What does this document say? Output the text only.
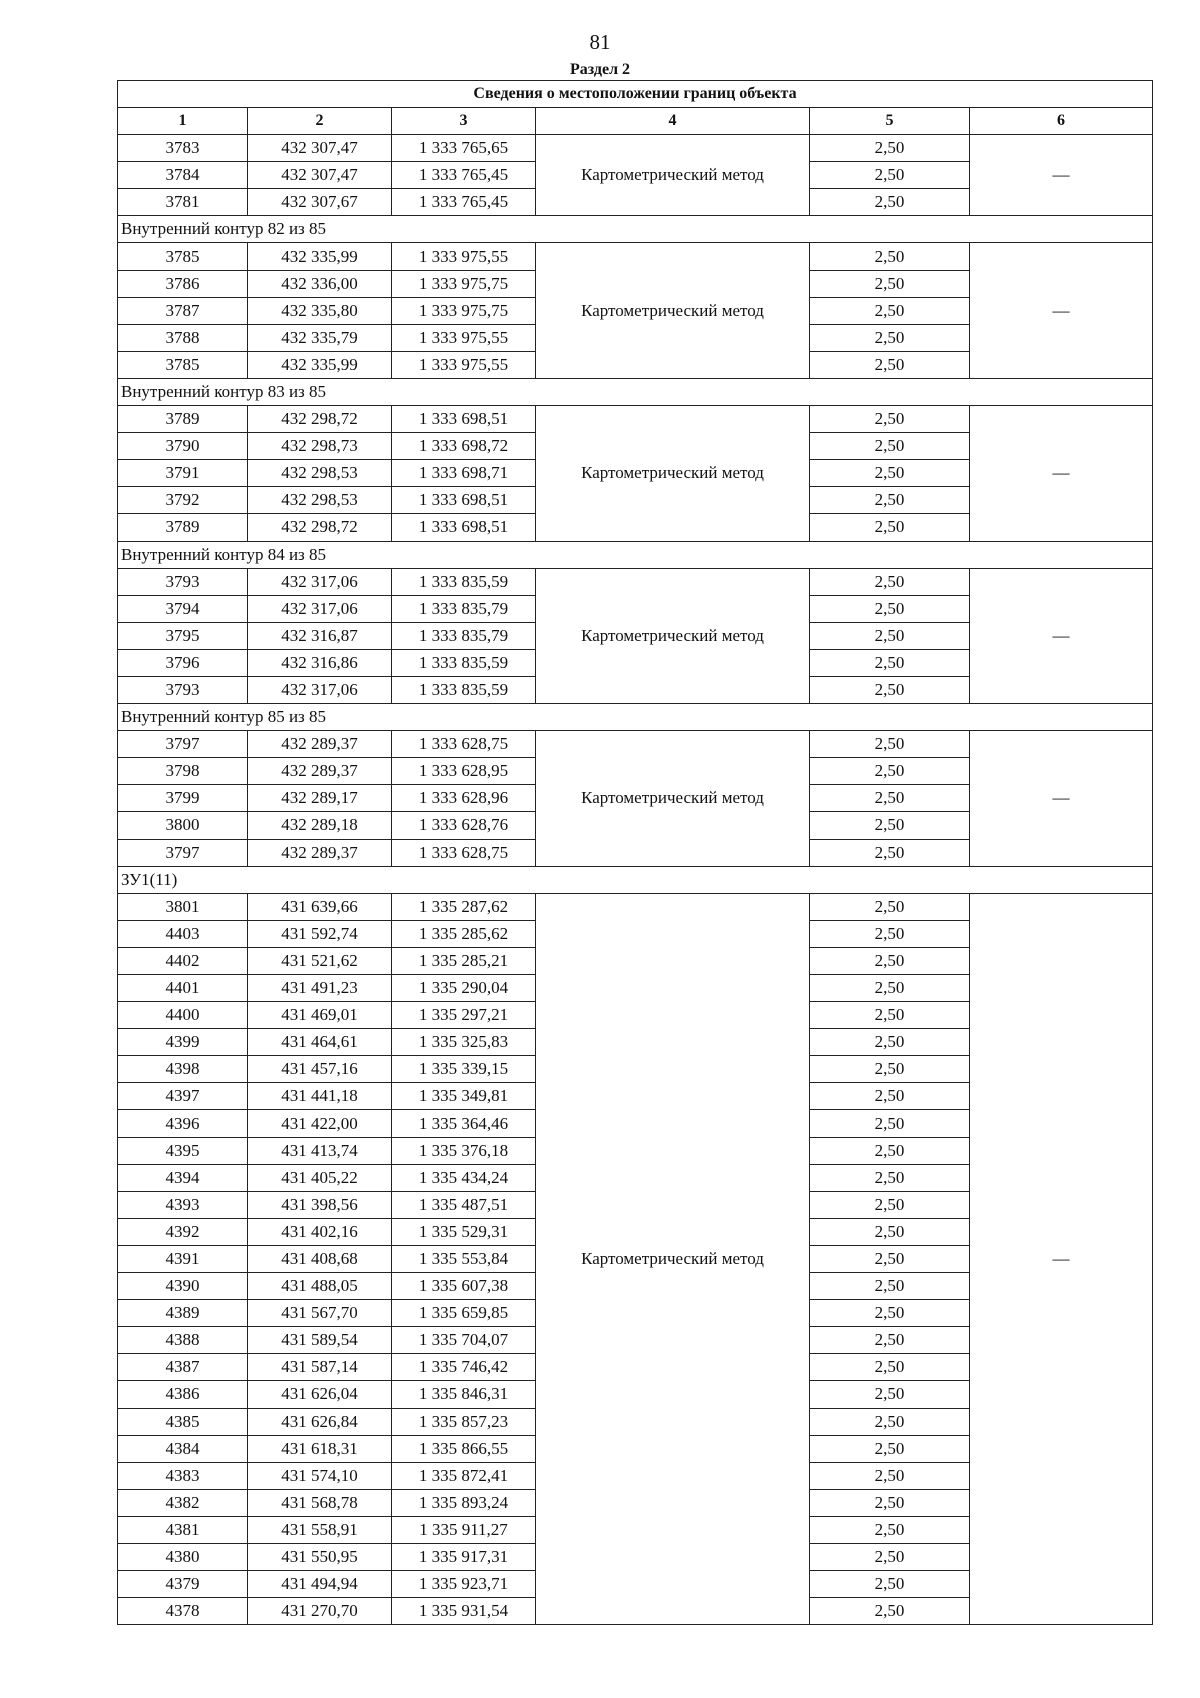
81
Раздел 2
Сведения о местоположении границ объекта					
1	2	3	4	5	6
3783	432 307,47	1 333 765,65	Картометрический метод	2,50	—
3784	432 307,47	1 333 765,45		2,50	
3781	432 307,67	1 333 765,45		2,50	
Внутренний контур 82 из 85					
3785	432 335,99	1 333 975,55	Картометрический метод	2,50	—
3786	432 336,00	1 333 975,75		2,50	
3787	432 335,80	1 333 975,75		2,50	
3788	432 335,79	1 333 975,55		2,50	
3785	432 335,99	1 333 975,55		2,50	
Внутренний контур 83 из 85					
3789	432 298,72	1 333 698,51	Картометрический метод	2,50	—
3790	432 298,73	1 333 698,72		2,50	
3791	432 298,53	1 333 698,71		2,50	
3792	432 298,53	1 333 698,51		2,50	
3789	432 298,72	1 333 698,51		2,50	
Внутренний контур 84 из 85					
3793	432 317,06	1 333 835,59	Картометрический метод	2,50	—
3794	432 317,06	1 333 835,79		2,50	
3795	432 316,87	1 333 835,79		2,50	
3796	432 316,86	1 333 835,59		2,50	
3793	432 317,06	1 333 835,59		2,50	
Внутренний контур 85 из 85					
3797	432 289,37	1 333 628,75	Картометрический метод	2,50	—
3798	432 289,37	1 333 628,95		2,50	
3799	432 289,17	1 333 628,96		2,50	
3800	432 289,18	1 333 628,76		2,50	
3797	432 289,37	1 333 628,75		2,50	
ЗУ1(11)					
3801	431 639,66	1 335 287,62	Картометрический метод	2,50	—
4403	431 592,74	1 335 285,62		2,50	
4402	431 521,62	1 335 285,21		2,50	
4401	431 491,23	1 335 290,04		2,50	
4400	431 469,01	1 335 297,21		2,50	
4399	431 464,61	1 335 325,83		2,50	
4398	431 457,16	1 335 339,15		2,50	
4397	431 441,18	1 335 349,81		2,50	
4396	431 422,00	1 335 364,46		2,50	
4395	431 413,74	1 335 376,18		2,50	
4394	431 405,22	1 335 434,24		2,50	
4393	431 398,56	1 335 487,51		2,50	
4392	431 402,16	1 335 529,31		2,50	
4391	431 408,68	1 335 553,84		2,50	
4390	431 488,05	1 335 607,38		2,50	
4389	431 567,70	1 335 659,85		2,50	
4388	431 589,54	1 335 704,07		2,50	
4387	431 587,14	1 335 746,42		2,50	
4386	431 626,04	1 335 846,31		2,50	
4385	431 626,84	1 335 857,23		2,50	
4384	431 618,31	1 335 866,55		2,50	
4383	431 574,10	1 335 872,41		2,50	
4382	431 568,78	1 335 893,24		2,50	
4381	431 558,91	1 335 911,27		2,50	
4380	431 550,95	1 335 917,31		2,50	
4379	431 494,94	1 335 923,71		2,50	
4378	431 270,70	1 335 931,54		2,50	
